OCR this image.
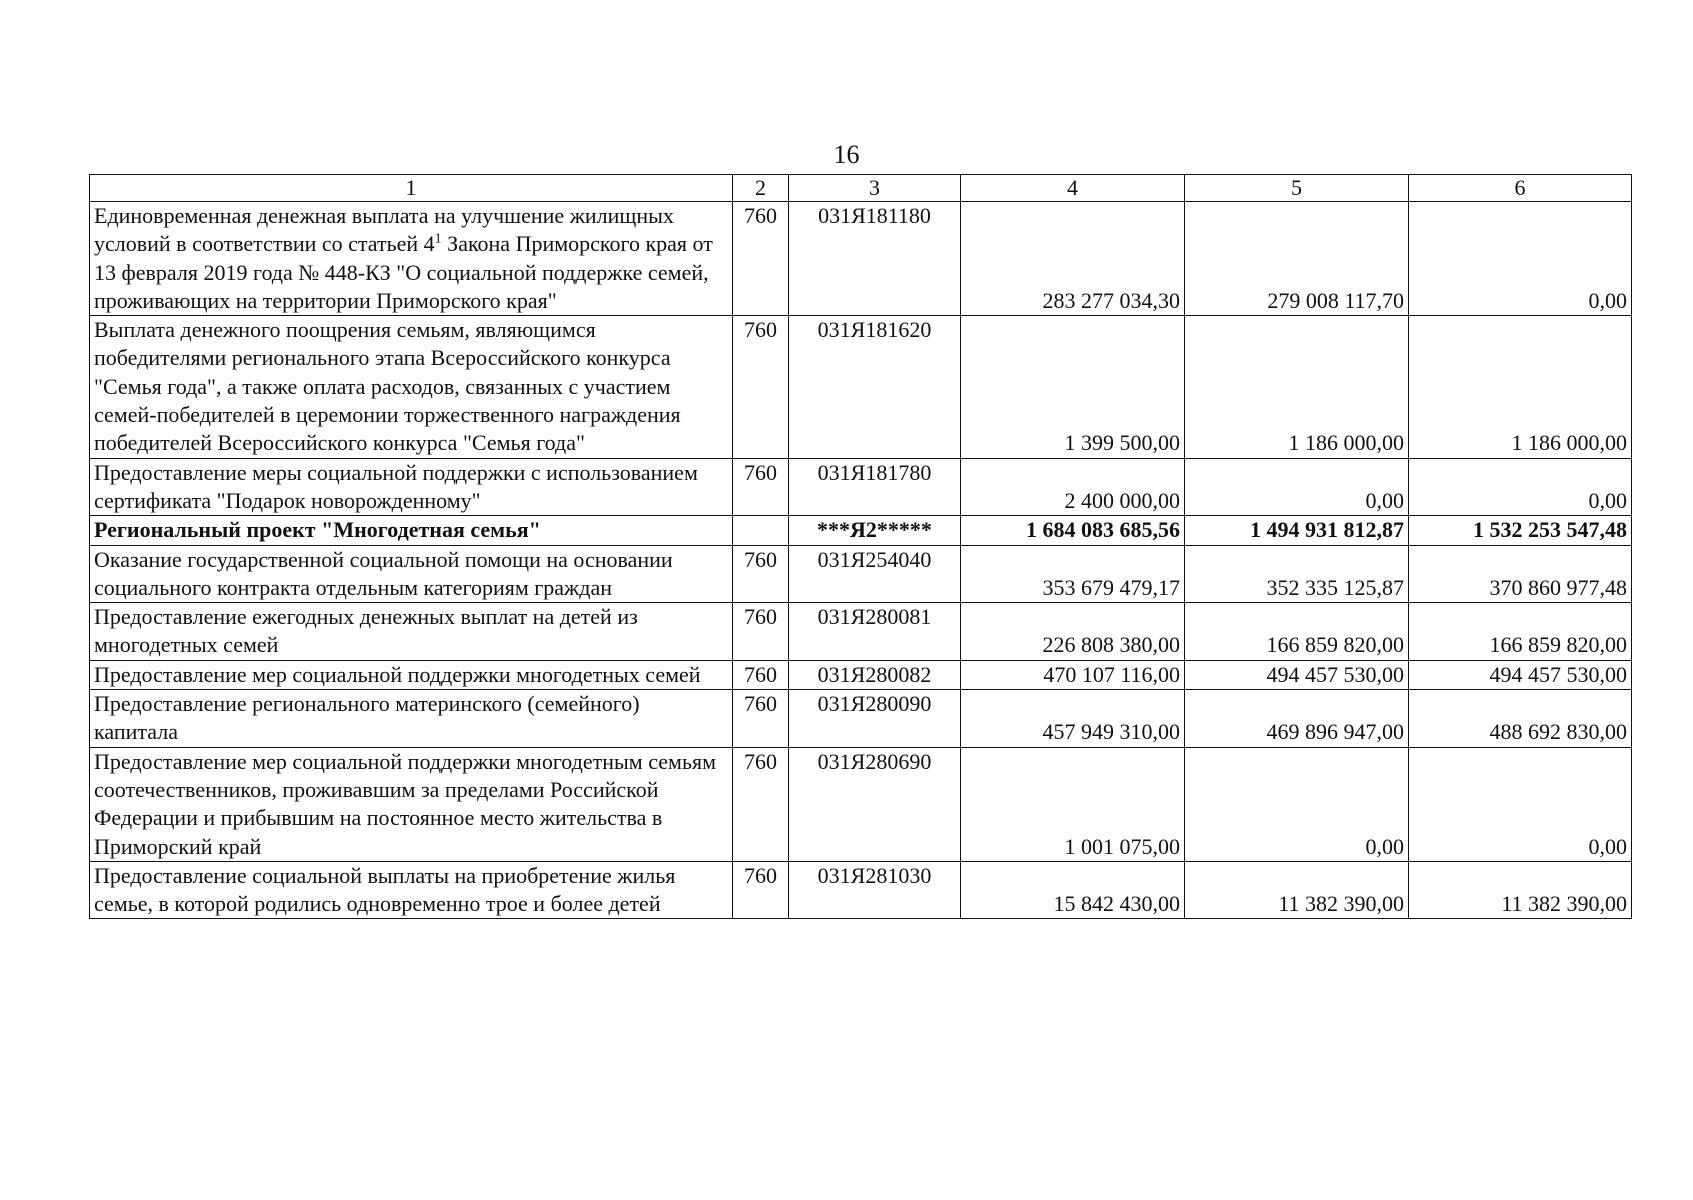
16
1	2	3	4	5	6
Единовременная денежная выплата на улучшение жилищных условий в соответствии со статьей $4^1$ Закона Приморского края от 13 февраля 2019 года № 448-КЗ "О социальной поддержке семей, проживающих на территории Приморского края"	760	031Я181180	283 277 034,30	279 008 117,70	0,00
Выплата денежного поощрения семьям, являющимся победителями регионального этапа Всероссийского конкурса "Семья года", а также оплата расходов, связанных с участием семей-победителей в церемонии торжественного награждения победителей Всероссийского конкурса "Семья года"	760	031Я181620	1 399 500,00	1 186 000,00	1 186 000,00
Предоставление меры социальной поддержки с использованием сертификата "Подарок новорожденному"	760	031Я181780	2 400 000,00	0,00	0,00
Региональный проект "Многодетная семья"		***Я2*****	1 684 083 685,56	1 494 931 812,87	1 532 253 547,48
Оказание государственной социальной помощи на основании социального контракта отдельным категориям граждан	760	031Я254040	353 679 479,17	352 335 125,87	370 860 977,48
Предоставление ежегодных денежных выплат на детей из многодетных семей	760	031Я280081	226 808 380,00	166 859 820,00	166 859 820,00
Предоставление мер социальной поддержки многодетных семей	760	031Я280082	470 107 116,00	494 457 530,00	494 457 530,00
Предоставление регионального материнского (семейного) капитала	760	031Я280090	457 949 310,00	469 896 947,00	488 692 830,00
Предоставление мер социальной поддержки многодетным семьям соотечественников, проживавшим за пределами Российской Федерации и прибывшим на постоянное место жительства в Приморский край	760	031Я280690	1 001 075,00	0,00	0,00
Предоставление социальной выплаты на приобретение жилья семье, в которой родились одновременно трое и более детей	760	031Я281030	15 842 430,00	11 382 390,00	11 382 390,00
